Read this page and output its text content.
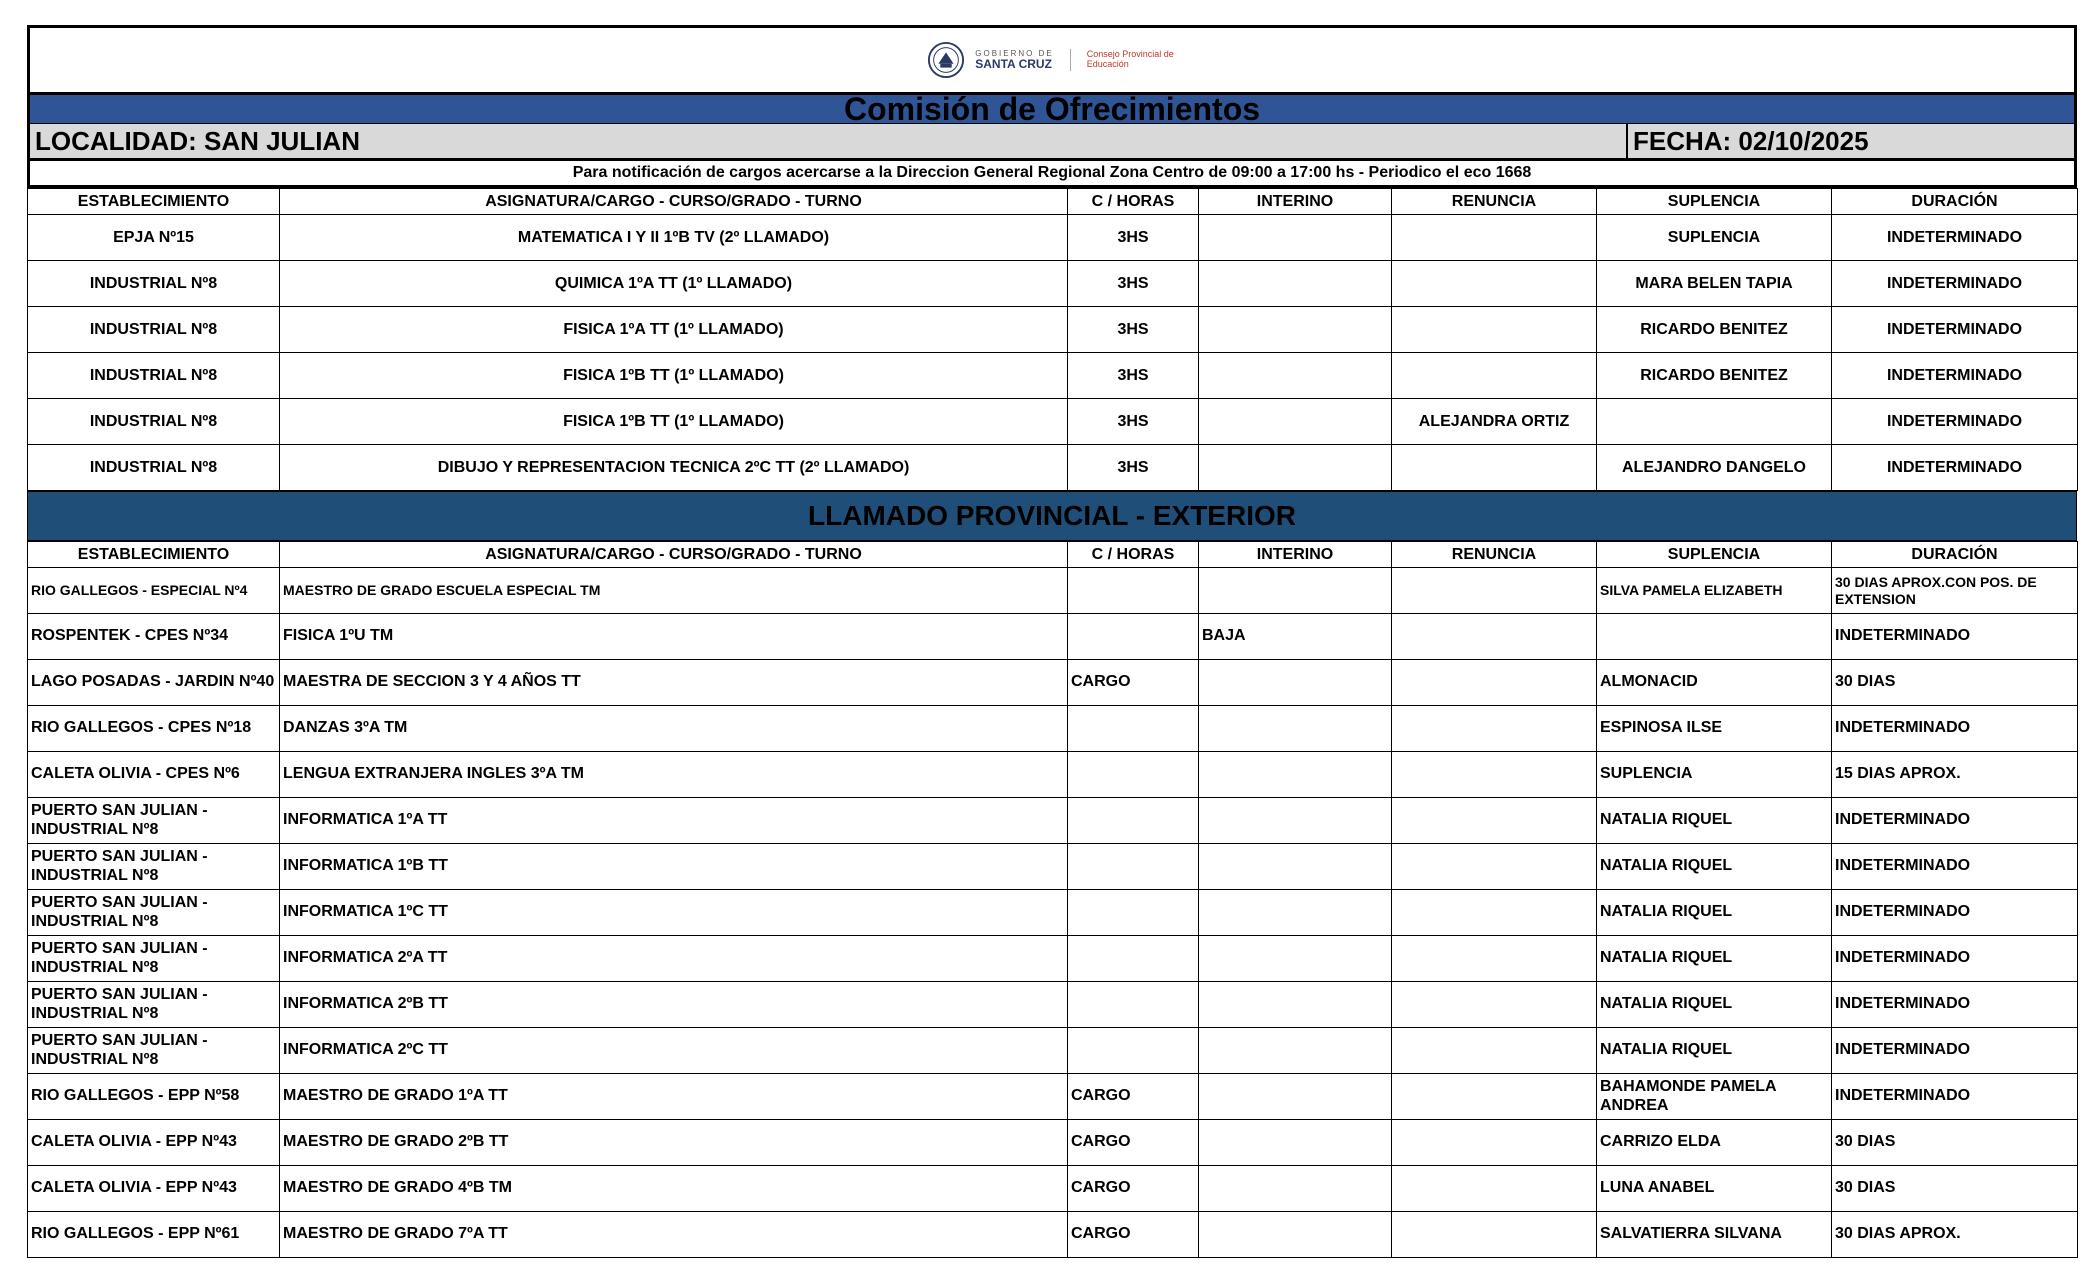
GOBIERNO DE
SANTA CRUZ
Consejo Provincial de Educación
Comisión de Ofrecimientos
LOCALIDAD: SAN JULIAN	FECHA: 02/10/2025
Para notificación de cargos acercarse a la Direccion General Regional Zona Centro de 09:00 a 17:00 hs - Periodico el eco 1668
ESTABLECIMIENTO	ASIGNATURA/CARGO - CURSO/GRADO - TURNO	C / HORAS	INTERINO	RENUNCIA	SUPLENCIA	DURACIÓN
EPJA Nº15	MATEMATICA I Y II 1ºB TV (2º LLAMADO)	3HS			SUPLENCIA	INDETERMINADO
INDUSTRIAL Nº8	QUIMICA 1ºA TT (1º LLAMADO)	3HS			MARA BELEN TAPIA	INDETERMINADO
INDUSTRIAL Nº8	FISICA 1ºA TT (1º LLAMADO)	3HS			RICARDO BENITEZ	INDETERMINADO
INDUSTRIAL Nº8	FISICA 1ºB TT (1º LLAMADO)	3HS			RICARDO BENITEZ	INDETERMINADO
INDUSTRIAL Nº8	FISICA 1ºB TT (1º LLAMADO)	3HS		ALEJANDRA ORTIZ		INDETERMINADO
INDUSTRIAL Nº8	DIBUJO Y REPRESENTACION TECNICA 2ºC TT (2º LLAMADO)	3HS			ALEJANDRO DANGELO	INDETERMINADO
LLAMADO PROVINCIAL - EXTERIOR
ESTABLECIMIENTO	ASIGNATURA/CARGO - CURSO/GRADO - TURNO	C / HORAS	INTERINO	RENUNCIA	SUPLENCIA	DURACIÓN
RIO GALLEGOS - ESPECIAL Nº4	MAESTRO DE GRADO ESCUELA ESPECIAL TM				SILVA PAMELA ELIZABETH	30 DIAS APROX.CON POS. DE EXTENSION
ROSPENTEK - CPES Nº34	FISICA 1ºU TM		BAJA			INDETERMINADO
LAGO POSADAS - JARDIN Nº40	MAESTRA DE SECCION 3 Y 4 AÑOS TT	CARGO			ALMONACID	30 DIAS
RIO GALLEGOS - CPES Nº18	DANZAS 3ºA TM				ESPINOSA ILSE	INDETERMINADO
CALETA OLIVIA - CPES Nº6	LENGUA EXTRANJERA INGLES 3ºA TM				SUPLENCIA	15 DIAS APROX.
PUERTO SAN JULIAN - INDUSTRIAL Nº8	INFORMATICA 1ºA TT				NATALIA RIQUEL	INDETERMINADO
PUERTO SAN JULIAN - INDUSTRIAL Nº8	INFORMATICA 1ºB TT				NATALIA RIQUEL	INDETERMINADO
PUERTO SAN JULIAN - INDUSTRIAL Nº8	INFORMATICA 1ºC TT				NATALIA RIQUEL	INDETERMINADO
PUERTO SAN JULIAN - INDUSTRIAL Nº8	INFORMATICA 2ºA TT				NATALIA RIQUEL	INDETERMINADO
PUERTO SAN JULIAN - INDUSTRIAL Nº8	INFORMATICA 2ºB TT				NATALIA RIQUEL	INDETERMINADO
PUERTO SAN JULIAN - INDUSTRIAL Nº8	INFORMATICA 2ºC TT				NATALIA RIQUEL	INDETERMINADO
RIO GALLEGOS - EPP Nº58	MAESTRO DE GRADO 1ºA TT	CARGO			BAHAMONDE PAMELA ANDREA	INDETERMINADO
CALETA OLIVIA - EPP Nº43	MAESTRO DE GRADO 2ºB TT	CARGO			CARRIZO ELDA	30 DIAS
CALETA OLIVIA - EPP Nº43	MAESTRO DE GRADO 4ºB TM	CARGO			LUNA ANABEL	30 DIAS
RIO GALLEGOS - EPP Nº61	MAESTRO DE GRADO 7ºA TT	CARGO			SALVATIERRA SILVANA	30 DIAS APROX.
